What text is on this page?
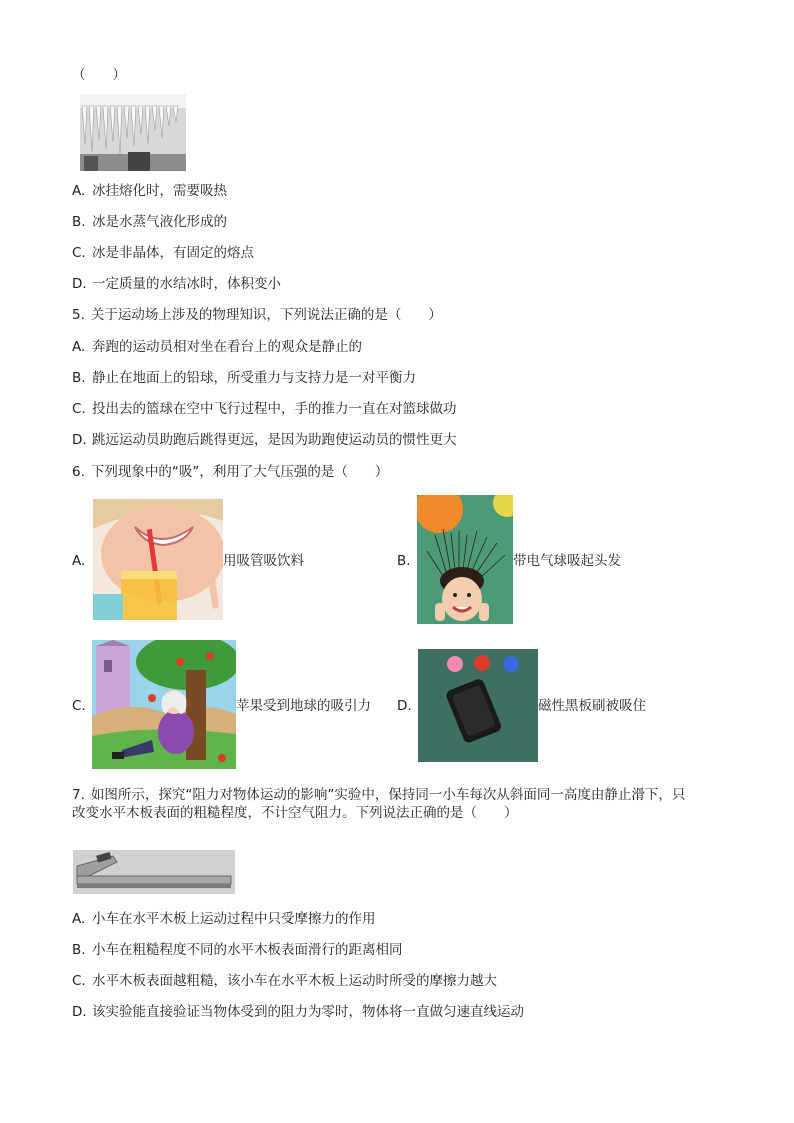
（　　）
A. 冰挂熔化时，需要吸热
B. 冰是水蒸气液化形成的
C. 冰是非晶体，有固定的熔点
D. 一定质量的水结冰时，体积变小
5. 关于运动场上涉及的物理知识，下列说法正确的是（　　）
A. 奔跑的运动员相对坐在看台上的观众是静止的
B. 静止在地面上的铅球，所受重力与支持力是一对平衡力
C. 投出去的篮球在空中飞行过程中，手的推力一直在对篮球做功
D. 跳远运动员助跑后跳得更远，是因为助跑使运动员的惯性更大
6. 下列现象中的“吸”，利用了大气压强的是（　　）
A.	用吸管吸饮料	B.	带电气球吸起头发
C.	苹果受到地球的吸引力 D.	磁性黑板刷被吸住
7. 如图所示，探究“阻力对物体运动的影响”实验中，保持同一小车每次从斜面同一高度由静止滑下，只
改变水平木板表面的粗糙程度，不计空气阻力。下列说法正确的是（　　）
A. 小车在水平木板上运动过程中只受摩擦力的作用
B. 小车在粗糙程度不同的水平木板表面滑行的距离相同
C. 水平木板表面越粗糙，该小车在水平木板上运动时所受的摩擦力越大
D. 该实验能直接验证当物体受到的阻力为零时，物体将一直做匀速直线运动
